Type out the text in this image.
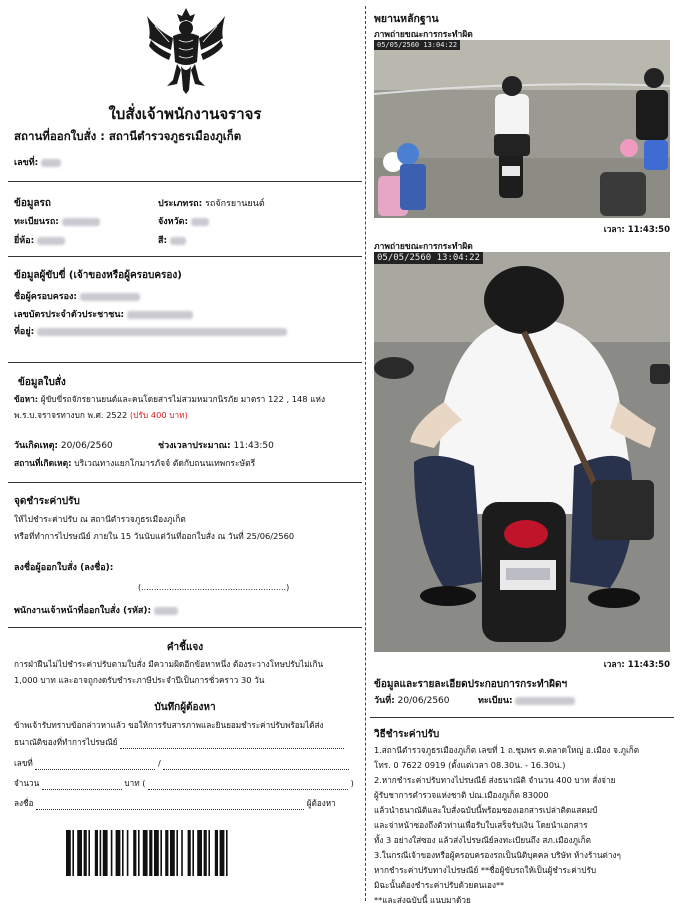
ใบสั่งเจ้าพนักงานจราจร
สถานที่ออกใบสั่ง : สถานีตำรวจภูธรเมืองภูเก็ต
เลขที่:
ข้อมูลรถ	ประเภทรถ: รถจักรยานยนต์
ทะเบียนรถ:	จังหวัด:
ยี่ห้อ:	สี:
ข้อมูลผู้ขับขี่ (เจ้าของหรือผู้ครอบครอง)
ชื่อผู้ครอบครอง:
เลขบัตรประจำตัวประชาชน:
ที่อยู่:
ข้อมูลใบสั่ง
ข้อหา: ผู้ขับขี่รถจักรยานยนต์และคนโดยสารไม่สวมหมวกนิรภัย มาตรา 122 , 148 แห่ง
พ.ร.บ.จราจรทางบก พ.ศ. 2522 (ปรับ 400 บาท)
วันเกิดเหตุ: 20/06/2560	ช่วงเวลาประมาณ: 11:43:50
สถานที่เกิดเหตุ: บริเวณทางแยกโกมารภัจจ์ ตัดกับถนนเทพกระษัตรี
จุดชำระค่าปรับ
ให้ไปชำระค่าปรับ ณ สถานีตำรวจภูธรเมืองภูเก็ต
หรือที่ทำการไปรษณีย์ ภายใน 15 วันนับแต่วันที่ออกใบสั่ง ณ วันที่ 25/06/2560
ลงชื่อผู้ออกใบสั่ง (ลงชื่อ):
(.........................................................)
พนักงานเจ้าหน้าที่ออกใบสั่ง (รหัส):
คำชี้แจง
การฝ่าฝืนไม่ไปชำระค่าปรับตามใบสั่ง มีความผิดอีกข้อหาหนึ่ง ต้องระวางโทษปรับไม่เกิน
1,000 บาท และอาจถูกงดรับชำระภาษีประจำปีเป็นการชั่วคราว 30 วัน
บันทึกผู้ต้องหา
ข้าพเจ้ารับทราบข้อกล่าวหาแล้ว ขอให้การรับสารภาพและยินยอมชำระค่าปรับพร้อมได้ส่ง
ธนาณัติของที่ทำการไปรษณีย์
เลขที่	/
จำนวน	บาท (	)
ลงชื่อ	ผู้ต้องหา
พยานหลักฐาน
ภาพถ่ายขณะการกระทำผิด
05/05/2560 13:04:22
เวลา: 11:43:50
ภาพถ่ายขณะการกระทำผิด
05/05/2560 13:04:22
เวลา: 11:43:50
ข้อมูลและรายละเอียดประกอบการกระทำผิดฯ
วันที่: 20/06/2560	ทะเบียน:
วิธีชำระค่าปรับ
1.สถานีตำรวจภูธรเมืองภูเก็ต เลขที่ 1 ถ.ชุมพร ต.ตลาดใหญ่ อ.เมือง จ.ภูเก็ต
โทร. 0 7622 0919 (ตั้งแต่เวลา 08.30น. - 16.30น.)
2.หากชำระค่าปรับทางไปรษณีย์ ส่งธนาณัติ จำนวน 400 บาท สั่งจ่าย
ผู้รับชาการตำรวจแห่งชาติ ปณ.เมืองภูเก็ต 83000
แล้วนำธนาณัติและใบสั่งฉบับนี้พร้อมซองเอกสารเปล่าติดแสตมป์
และจ่าหน้าซองถึงตัวท่านเพื่อรับใบเสร็จรับเงิน โดยนำเอกสาร
ทั้ง 3 อย่างใส่ซอง แล้วส่งไปรษณีย์ลงทะเบียนถึง สภ.เมืองภูเก็ต
3.ในกรณีเจ้าของหรือผู้ครอบครองรถเป็นนิติบุคคล บริษัท ห้างร้านต่างๆ
หากชำระค่าปรับทางไปรษณีย์ **ชื่อผู้ขับรถให้เป็นผู้ชำระค่าปรับ
มิฉะนั้นต้องชำระค่าปรับด้วยตนเอง**
**และส่งฉบับนี้ แนบมาด้วย
